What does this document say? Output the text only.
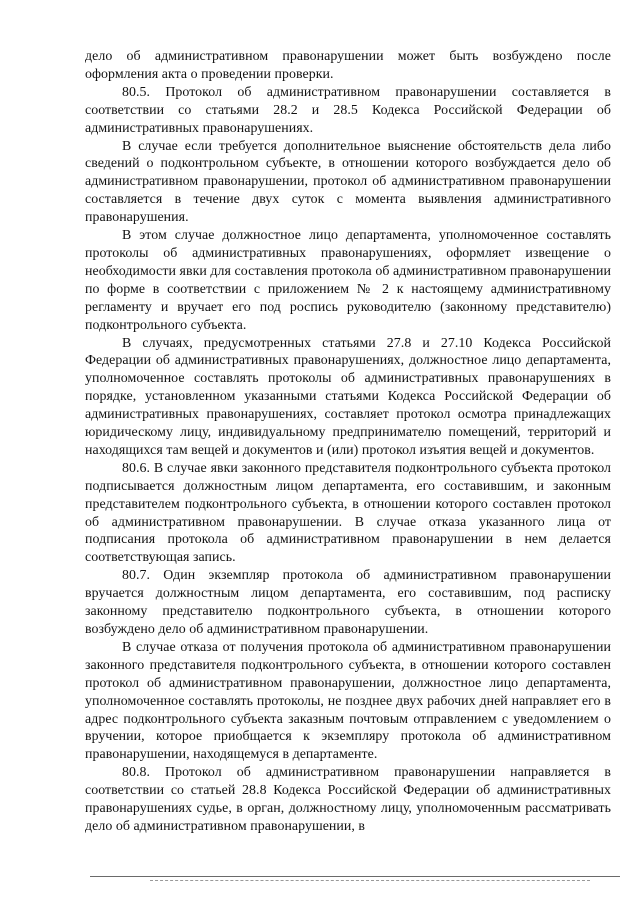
дело об административном правонарушении может быть возбуждено после оформления акта о проведении проверки.

80.5. Протокол об административном правонарушении составляется в соответствии со статьями 28.2 и 28.5 Кодекса Российской Федерации об административных правонарушениях.

В случае если требуется дополнительное выяснение обстоятельств дела либо сведений о подконтрольном субъекте, в отношении которого возбуждается дело об административном правонарушении, протокол об административном правонарушении составляется в течение двух суток с момента выявления административного правонарушения.

В этом случае должностное лицо департамента, уполномоченное составлять протоколы об административных правонарушениях, оформляет извещение о необходимости явки для составления протокола об административном правонарушении по форме в соответствии с приложением № 2 к настоящему административному регламенту и вручает его под роспись руководителю (законному представителю) подконтрольного субъекта.

В случаях, предусмотренных статьями 27.8 и 27.10 Кодекса Российской Федерации об административных правонарушениях, должностное лицо департамента, уполномоченное составлять протоколы об административных правонарушениях в порядке, установленном указанными статьями Кодекса Российской Федерации об административных правонарушениях, составляет протокол осмотра принадлежащих юридическому лицу, индивидуальному предпринимателю помещений, территорий и находящихся там вещей и документов и (или) протокол изъятия вещей и документов.

80.6. В случае явки законного представителя подконтрольного субъекта протокол подписывается должностным лицом департамента, его составившим, и законным представителем подконтрольного субъекта, в отношении которого составлен протокол об административном правонарушении. В случае отказа указанного лица от подписания протокола об административном правонарушении в нем делается соответствующая запись.

80.7. Один экземпляр протокола об административном правонарушении вручается должностным лицом департамента, его составившим, под расписку законному представителю подконтрольного субъекта, в отношении которого возбуждено дело об административном правонарушении.

В случае отказа от получения протокола об административном правонарушении законного представителя подконтрольного субъекта, в отношении которого составлен протокол об административном правонарушении, должностное лицо департамента, уполномоченное составлять протоколы, не позднее двух рабочих дней направляет его в адрес подконтрольного субъекта заказным почтовым отправлением с уведомлением о вручении, которое приобщается к экземпляру протокола об административном правонарушении, находящемуся в департаменте.

80.8. Протокол об административном правонарушении направляется в соответствии со статьей 28.8 Кодекса Российской Федерации об административных правонарушениях судье, в орган, должностному лицу, уполномоченным рассматривать дело об административном правонарушении, в
